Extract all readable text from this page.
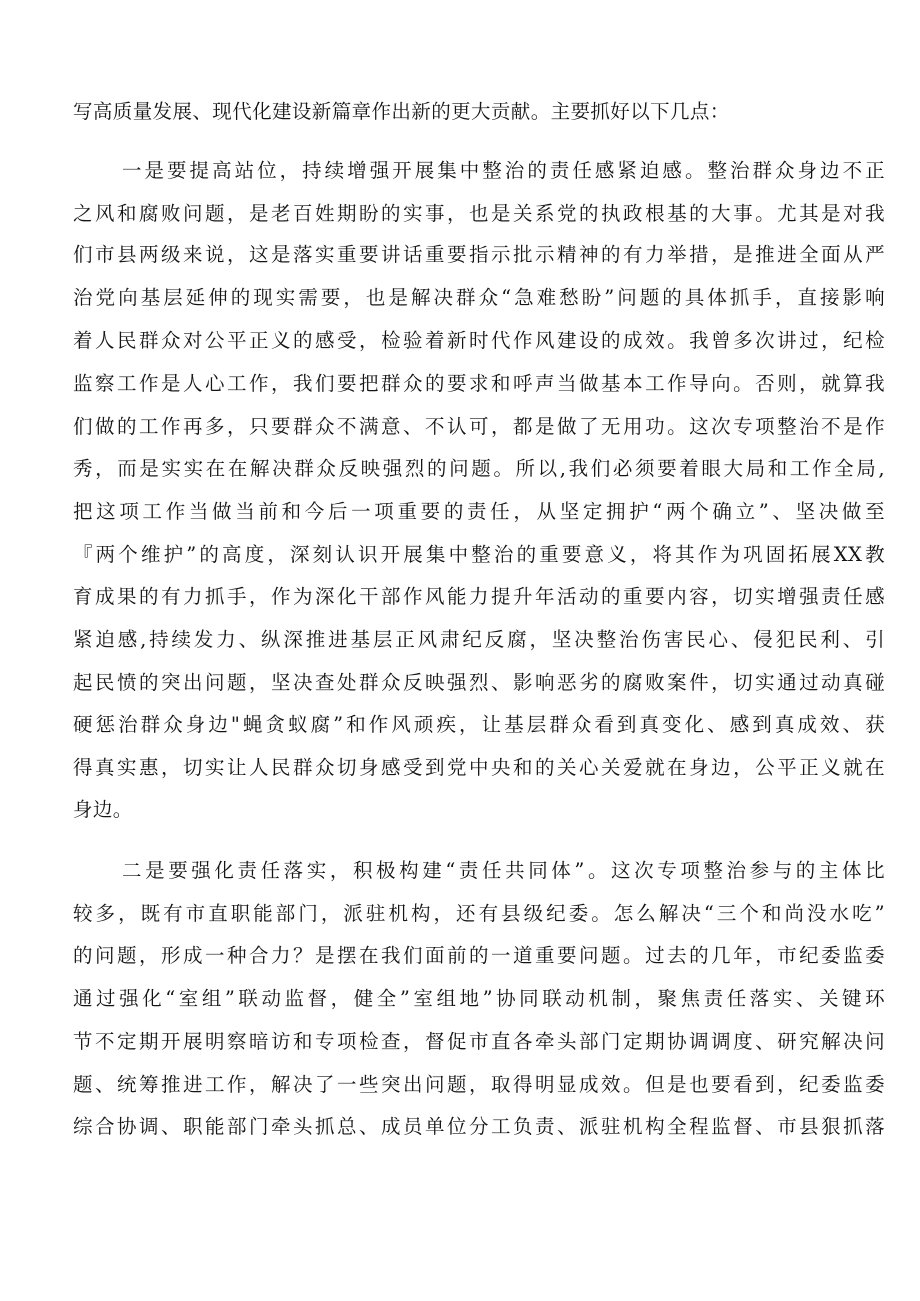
写高质量发展、现代化建设新篇章作出新的更大贡献。主要抓好以下几点：

一是要提高站位，持续增强开展集中整治的责任感紧迫感。整治群众身边不正

之风和腐败问题，是老百姓期盼的实事，也是关系党的执政根基的大事。尤其是对我

们市县两级来说，这是落实重要讲话重要指示批示精神的有力举措，是推进全面从严

治党向基层延伸的现实需要，也是解决群众“急难愁盼”问题的具体抓手，直接影响

着人民群众对公平正义的感受，检验着新时代作风建设的成效。我曾多次讲过，纪检

监察工作是人心工作，我们要把群众的要求和呼声当做基本工作导向。否则，就算我

们做的工作再多，只要群众不满意、不认可，都是做了无用功。这次专项整治不是作

秀，而是实实在在解决群众反映强烈的问题。所以,我们必须要着眼大局和工作全局,

把这项工作当做当前和今后一项重要的责任，从坚定拥护“两个确立”、坚决做至

『两个维护”的高度，深刻认识开展集中整治的重要意义，将其作为巩固拓展XX教

育成果的有力抓手，作为深化干部作风能力提升年活动的重要内容，切实增强责任感

紧迫感,持续发力、纵深推进基层正风肃纪反腐，坚决整治伤害民心、侵犯民利、引

起民愤的突出问题，坚决查处群众反映强烈、影响恶劣的腐败案件，切实通过动真碰

硬惩治群众身边"蝇贪蚁腐”和作风顽疾，让基层群众看到真变化、感到真成效、获

得真实惠，切实让人民群众切身感受到党中央和的关心关爱就在身边，公平正义就在

身边。

二是要强化责任落实，积极构建“责任共同体”。这次专项整治参与的主体比

较多，既有市直职能部门，派驻机构，还有县级纪委。怎么解决“三个和尚没水吃”

的问题，形成一种合力？是摆在我们面前的一道重要问题。过去的几年，市纪委监委

通过强化“室组”联动监督，健全”室组地”协同联动机制，聚焦责任落实、关键环

节不定期开展明察暗访和专项检查，督促市直各牵头部门定期协调调度、研究解决问

题、统筹推进工作，解决了一些突出问题，取得明显成效。但是也要看到，纪委监委

综合协调、职能部门牵头抓总、成员单位分工负责、派驻机构全程监督、市县狠抓落
